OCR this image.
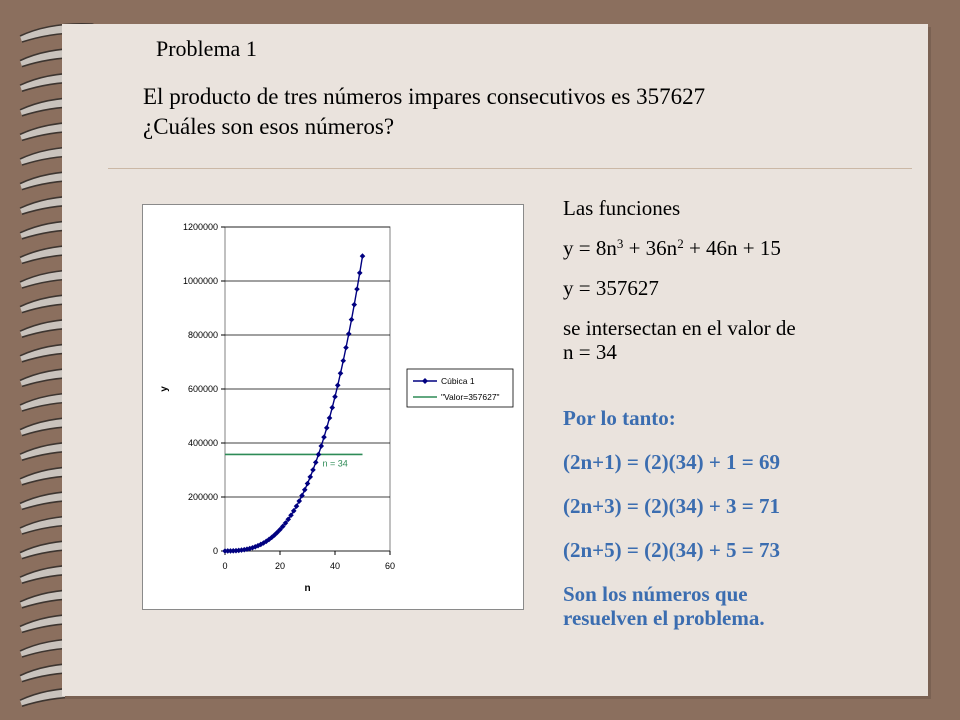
Problema 1
El producto de tres números impares consecutivos es 357627
¿Cuáles son esos números?
0
200000
400000
600000
800000
1000000
1200000
0	20	40	60
n
y
n = 34
Cúbica 1
"Valor=357627"
Las funciones
$y = 8n^3 + 36n^2 + 46n + 15$
y = 357627
se intersectan en el valor de
n = 34
Por lo tanto:
(2n+1) = (2)(34) + 1 = 69
(2n+3) = (2)(34) + 3 = 71
(2n+5) = (2)(34) + 5 = 73
Son los números que
resuelven el problema.
